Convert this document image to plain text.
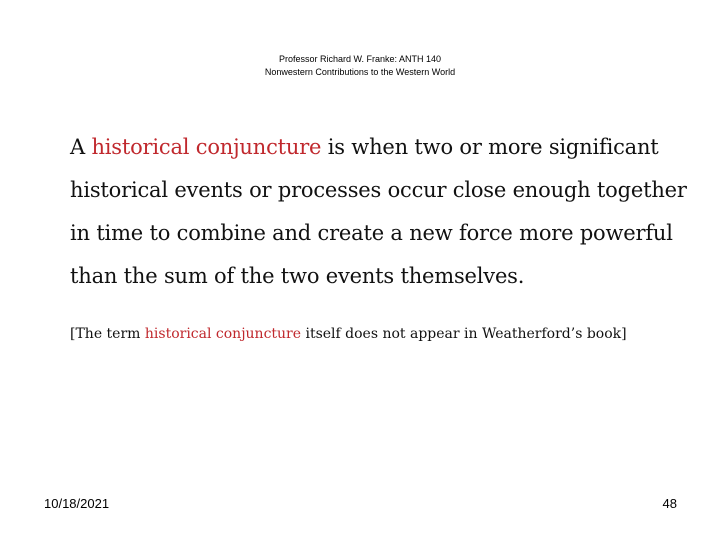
Professor Richard W. Franke: ANTH 140
Nonwestern Contributions to the Western World
A historical conjuncture is when two or more significant
historical events or processes occur close enough together
in time to combine and create a new force more powerful
than the sum of the two events themselves.
[The term historical conjuncture itself does not appear in Weatherford’s book]
10/18/2021	48
